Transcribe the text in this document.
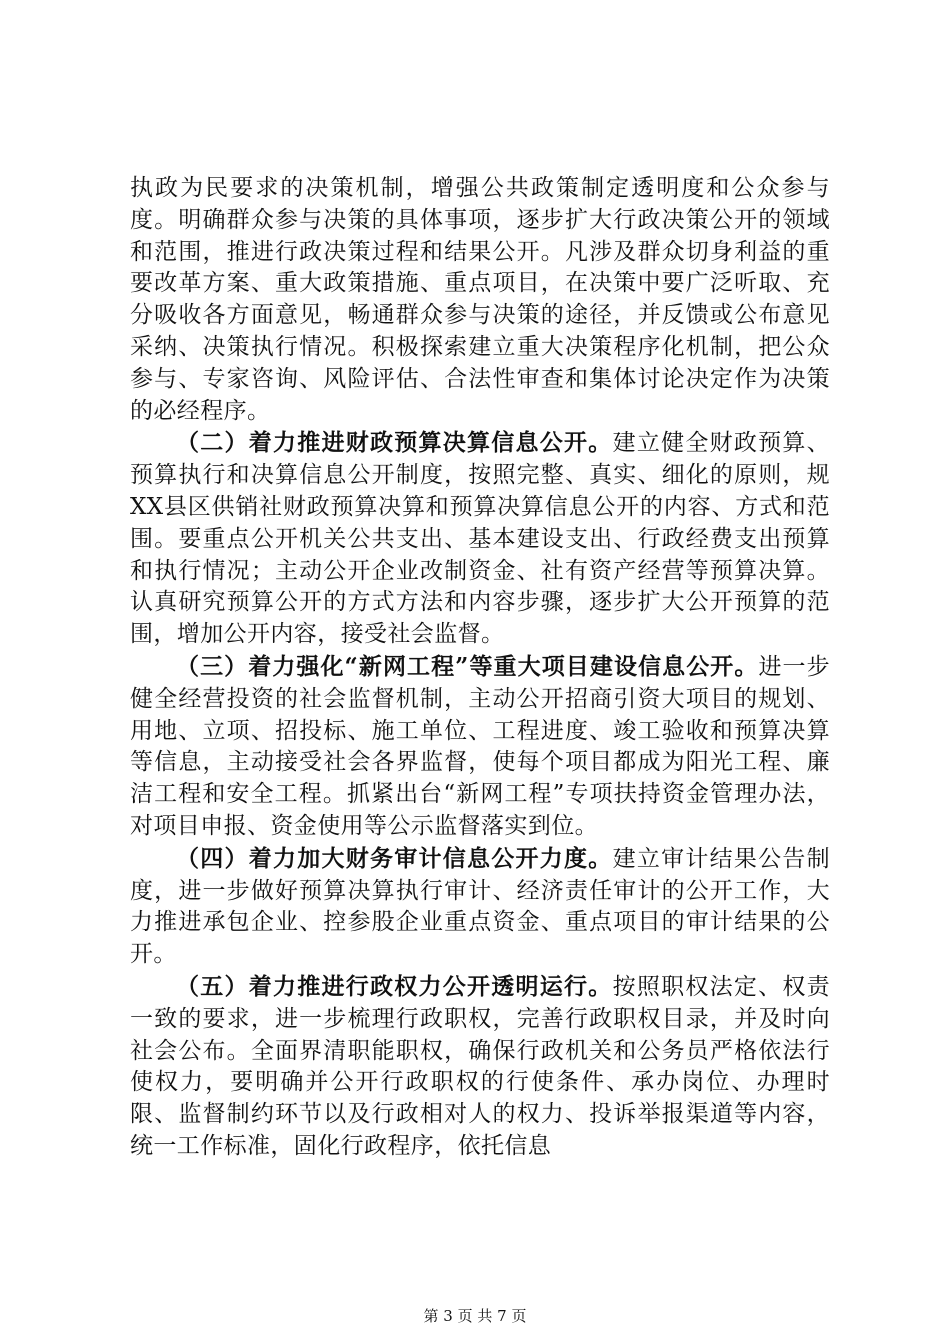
执政为民要求的决策机制，增强公共政策制定透明度和公众参与度。明确群众参与决策的具体事项，逐步扩大行政决策公开的领域和范围，推进行政决策过程和结果公开。凡涉及群众切身利益的重要改革方案、重大政策措施、重点项目，在决策中要广泛听取、充分吸收各方面意见，畅通群众参与决策的途径，并反馈或公布意见采纳、决策执行情况。积极探索建立重大决策程序化机制，把公众参与、专家咨询、风险评估、合法性审查和集体讨论决定作为决策的必经程序。

（二）着力推进财政预算决算信息公开。建立健全财政预算、预算执行和决算信息公开制度，按照完整、真实、细化的原则，规XX县区供销社财政预算决算和预算决算信息公开的内容、方式和范围。要重点公开机关公共支出、基本建设支出、行政经费支出预算和执行情况；主动公开企业改制资金、社有资产经营等预算决算。认真研究预算公开的方式方法和内容步骤，逐步扩大公开预算的范围，增加公开内容，接受社会监督。

（三）着力强化“新网工程”等重大项目建设信息公开。进一步健全经营投资的社会监督机制，主动公开招商引资大项目的规划、用地、立项、招投标、施工单位、工程进度、竣工验收和预算决算等信息，主动接受社会各界监督，使每个项目都成为阳光工程、廉洁工程和安全工程。抓紧出台“新网工程”专项扶持资金管理办法，对项目申报、资金使用等公示监督落实到位。

（四）着力加大财务审计信息公开力度。建立审计结果公告制度，进一步做好预算决算执行审计、经济责任审计的公开工作，大力推进承包企业、控参股企业重点资金、重点项目的审计结果的公开。

（五）着力推进行政权力公开透明运行。按照职权法定、权责一致的要求，进一步梳理行政职权，完善行政职权目录，并及时向社会公布。全面界清职能职权，确保行政机关和公务员严格依法行使权力，要明确并公开行政职权的行使条件、承办岗位、办理时限、监督制约环节以及行政相对人的权力、投诉举报渠道等内容，统一工作标准，固化行政程序，依托信息

第 3 页 共 7 页
